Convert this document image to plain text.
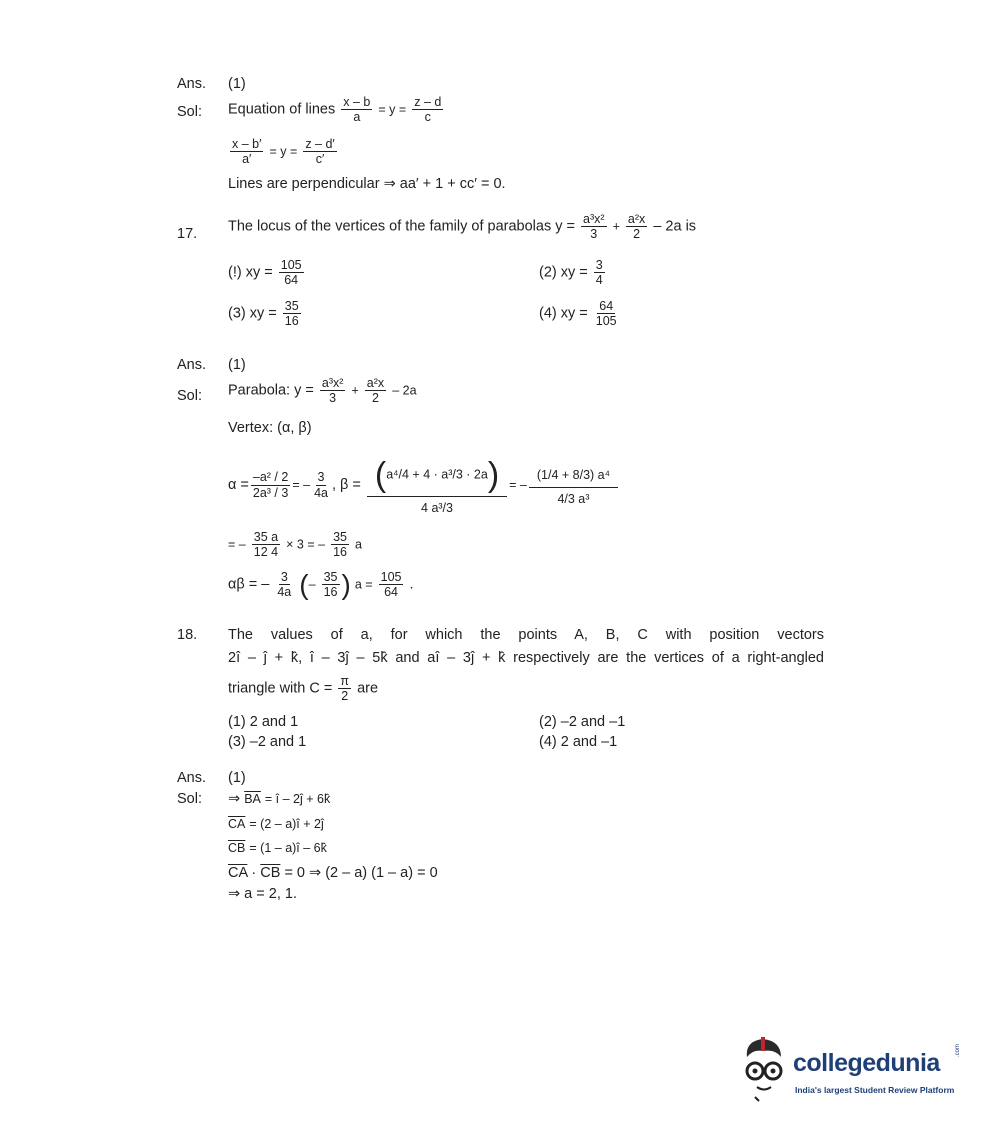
Ans. (1)
Sol: Equation of lines $\frac{x - b}{a} = y = \frac{z - d}{c}$
$\frac{x - b'}{a'} = y = \frac{z - d'}{c'}$
Lines are perpendicular ⇒ aa′ + 1 + cc′ = 0.
17. The locus of the vertices of the family of parabolas $y = \frac{\text{a³x²}}{3} + \frac{\text{a²x}}{2} - 2a$ is
(!) xy = $\frac{105}{64}$	(2) xy = $\frac{3}{4}$
(3) xy = $\frac{35}{16}$	(4) xy = $\frac{64}{105}$
Ans. (1)
Sol: Parabola: $y = \frac{\text{a³x²}}{3} + \frac{\text{a²x}}{2} - 2a$
Vertex: (α, β)
$\alpha = \frac{\text{–a² / 2}}{\text{2a³ / 3}}$ = – $\frac{3}{4a}$ , $\beta = \frac{\text{(a⁴/4 + 4 · a³/3 · 2a)}}{\text{4 a³/3}}$ = – $\frac{\text{(1/4 + 8/3) a⁴}}{\text{4/3 a³}}$
= – $\frac{35 a}{12 4} \times 3$ = – $\frac{35}{16}$ a
αβ = – $\frac{3}{4a}$ (– $\frac{35}{16}$ ) $a = \frac{105}{64}$ .
18. The values of a, for which the points A, B, C with position vectors
2î – ĵ + k̂, î – 3ĵ – 5k̂ and aî – 3ĵ + k̂ respectively are the vertices of a right-angled
triangle with $C = \frac{\pi}{2}$ are
(1) 2 and 1	(2) –2 and –1
(3) –2 and 1	(4) 2 and –1
Ans. (1)
Sol: ⇒ $\overline{BA}$ = î – 2ĵ + 6k̂
$\overline{CA} = (2$ – a)î + 2ĵ
$\overline{CB} = (1$ – a)î – 6k̂
$\overline{CA} \cdot \overline{CB} = 0$ ⇒ (2 – a) (1 – a) = 0
⇒ a = 2, 1.
collegedunia	.com
India's largest Student Review Platform
